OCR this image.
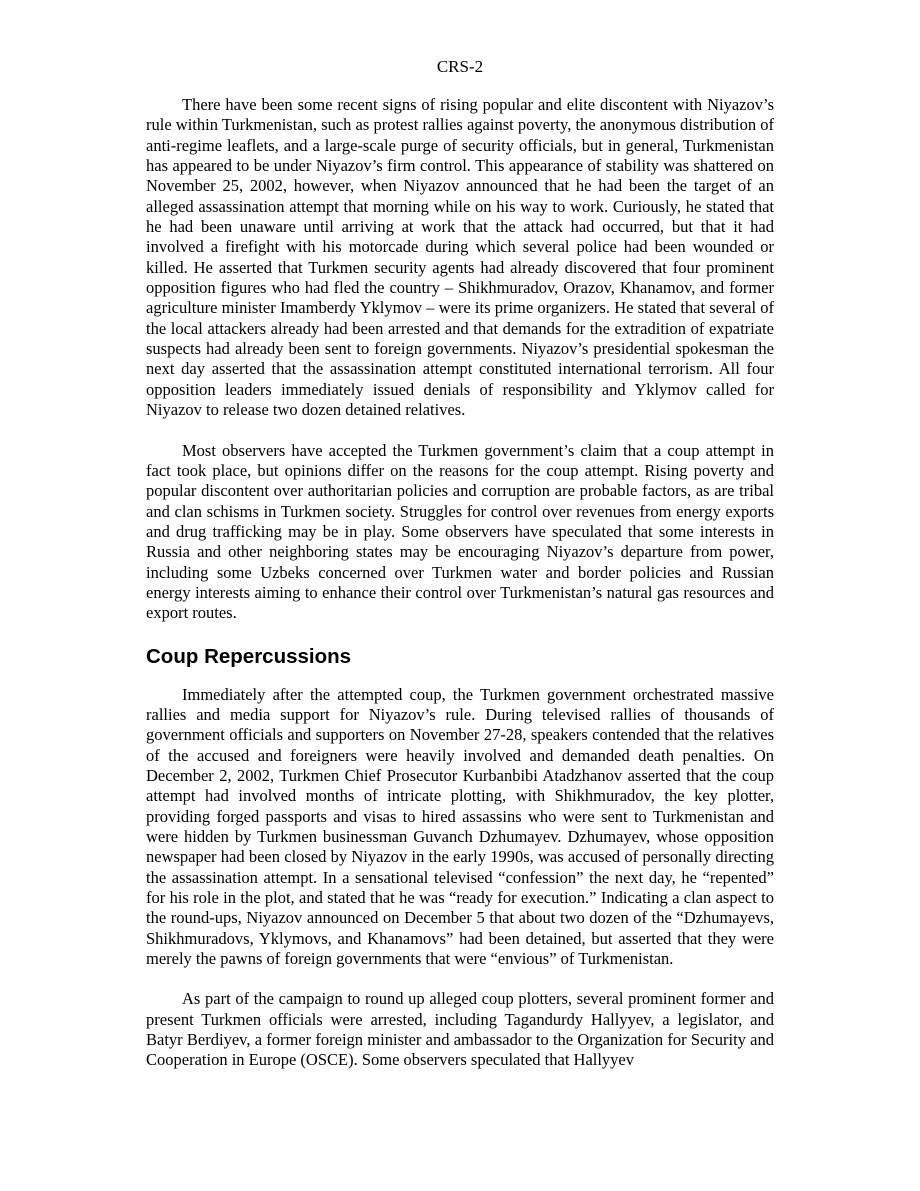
CRS-2

There have been some recent signs of rising popular and elite discontent with Niyazov’s rule within Turkmenistan, such as protest rallies against poverty, the anonymous distribution of anti-regime leaflets, and a large-scale purge of security officials, but in general, Turkmenistan has appeared to be under Niyazov’s firm control. This appearance of stability was shattered on November 25, 2002, however, when Niyazov announced that he had been the target of an alleged assassination attempt that morning while on his way to work. Curiously, he stated that he had been unaware until arriving at work that the attack had occurred, but that it had involved a firefight with his motorcade during which several police had been wounded or killed. He asserted that Turkmen security agents had already discovered that four prominent opposition figures who had fled the country – Shikhmuradov, Orazov, Khanamov, and former agriculture minister Imamberdy Yklymov – were its prime organizers. He stated that several of the local attackers already had been arrested and that demands for the extradition of expatriate suspects had already been sent to foreign governments. Niyazov’s presidential spokesman the next day asserted that the assassination attempt constituted international terrorism. All four opposition leaders immediately issued denials of responsibility and Yklymov called for Niyazov to release two dozen detained relatives.

Most observers have accepted the Turkmen government’s claim that a coup attempt in fact took place, but opinions differ on the reasons for the coup attempt. Rising poverty and popular discontent over authoritarian policies and corruption are probable factors, as are tribal and clan schisms in Turkmen society. Struggles for control over revenues from energy exports and drug trafficking may be in play. Some observers have speculated that some interests in Russia and other neighboring states may be encouraging Niyazov’s departure from power, including some Uzbeks concerned over Turkmen water and border policies and Russian energy interests aiming to enhance their control over Turkmenistan’s natural gas resources and export routes.

Coup Repercussions

Immediately after the attempted coup, the Turkmen government orchestrated massive rallies and media support for Niyazov’s rule. During televised rallies of thousands of government officials and supporters on November 27-28, speakers contended that the relatives of the accused and foreigners were heavily involved and demanded death penalties. On December 2, 2002, Turkmen Chief Prosecutor Kurbanbibi Atadzhanov asserted that the coup attempt had involved months of intricate plotting, with Shikhmuradov, the key plotter, providing forged passports and visas to hired assassins who were sent to Turkmenistan and were hidden by Turkmen businessman Guvanch Dzhumayev. Dzhumayev, whose opposition newspaper had been closed by Niyazov in the early 1990s, was accused of personally directing the assassination attempt. In a sensational televised “confession” the next day, he “repented” for his role in the plot, and stated that he was “ready for execution.” Indicating a clan aspect to the round-ups, Niyazov announced on December 5 that about two dozen of the “Dzhumayevs, Shikhmuradovs, Yklymovs, and Khanamovs” had been detained, but asserted that they were merely the pawns of foreign governments that were “envious” of Turkmenistan.

As part of the campaign to round up alleged coup plotters, several prominent former and present Turkmen officials were arrested, including Tagandurdy Hallyyev, a legislator, and Batyr Berdiyev, a former foreign minister and ambassador to the Organization for Security and Cooperation in Europe (OSCE). Some observers speculated that Hallyyev
